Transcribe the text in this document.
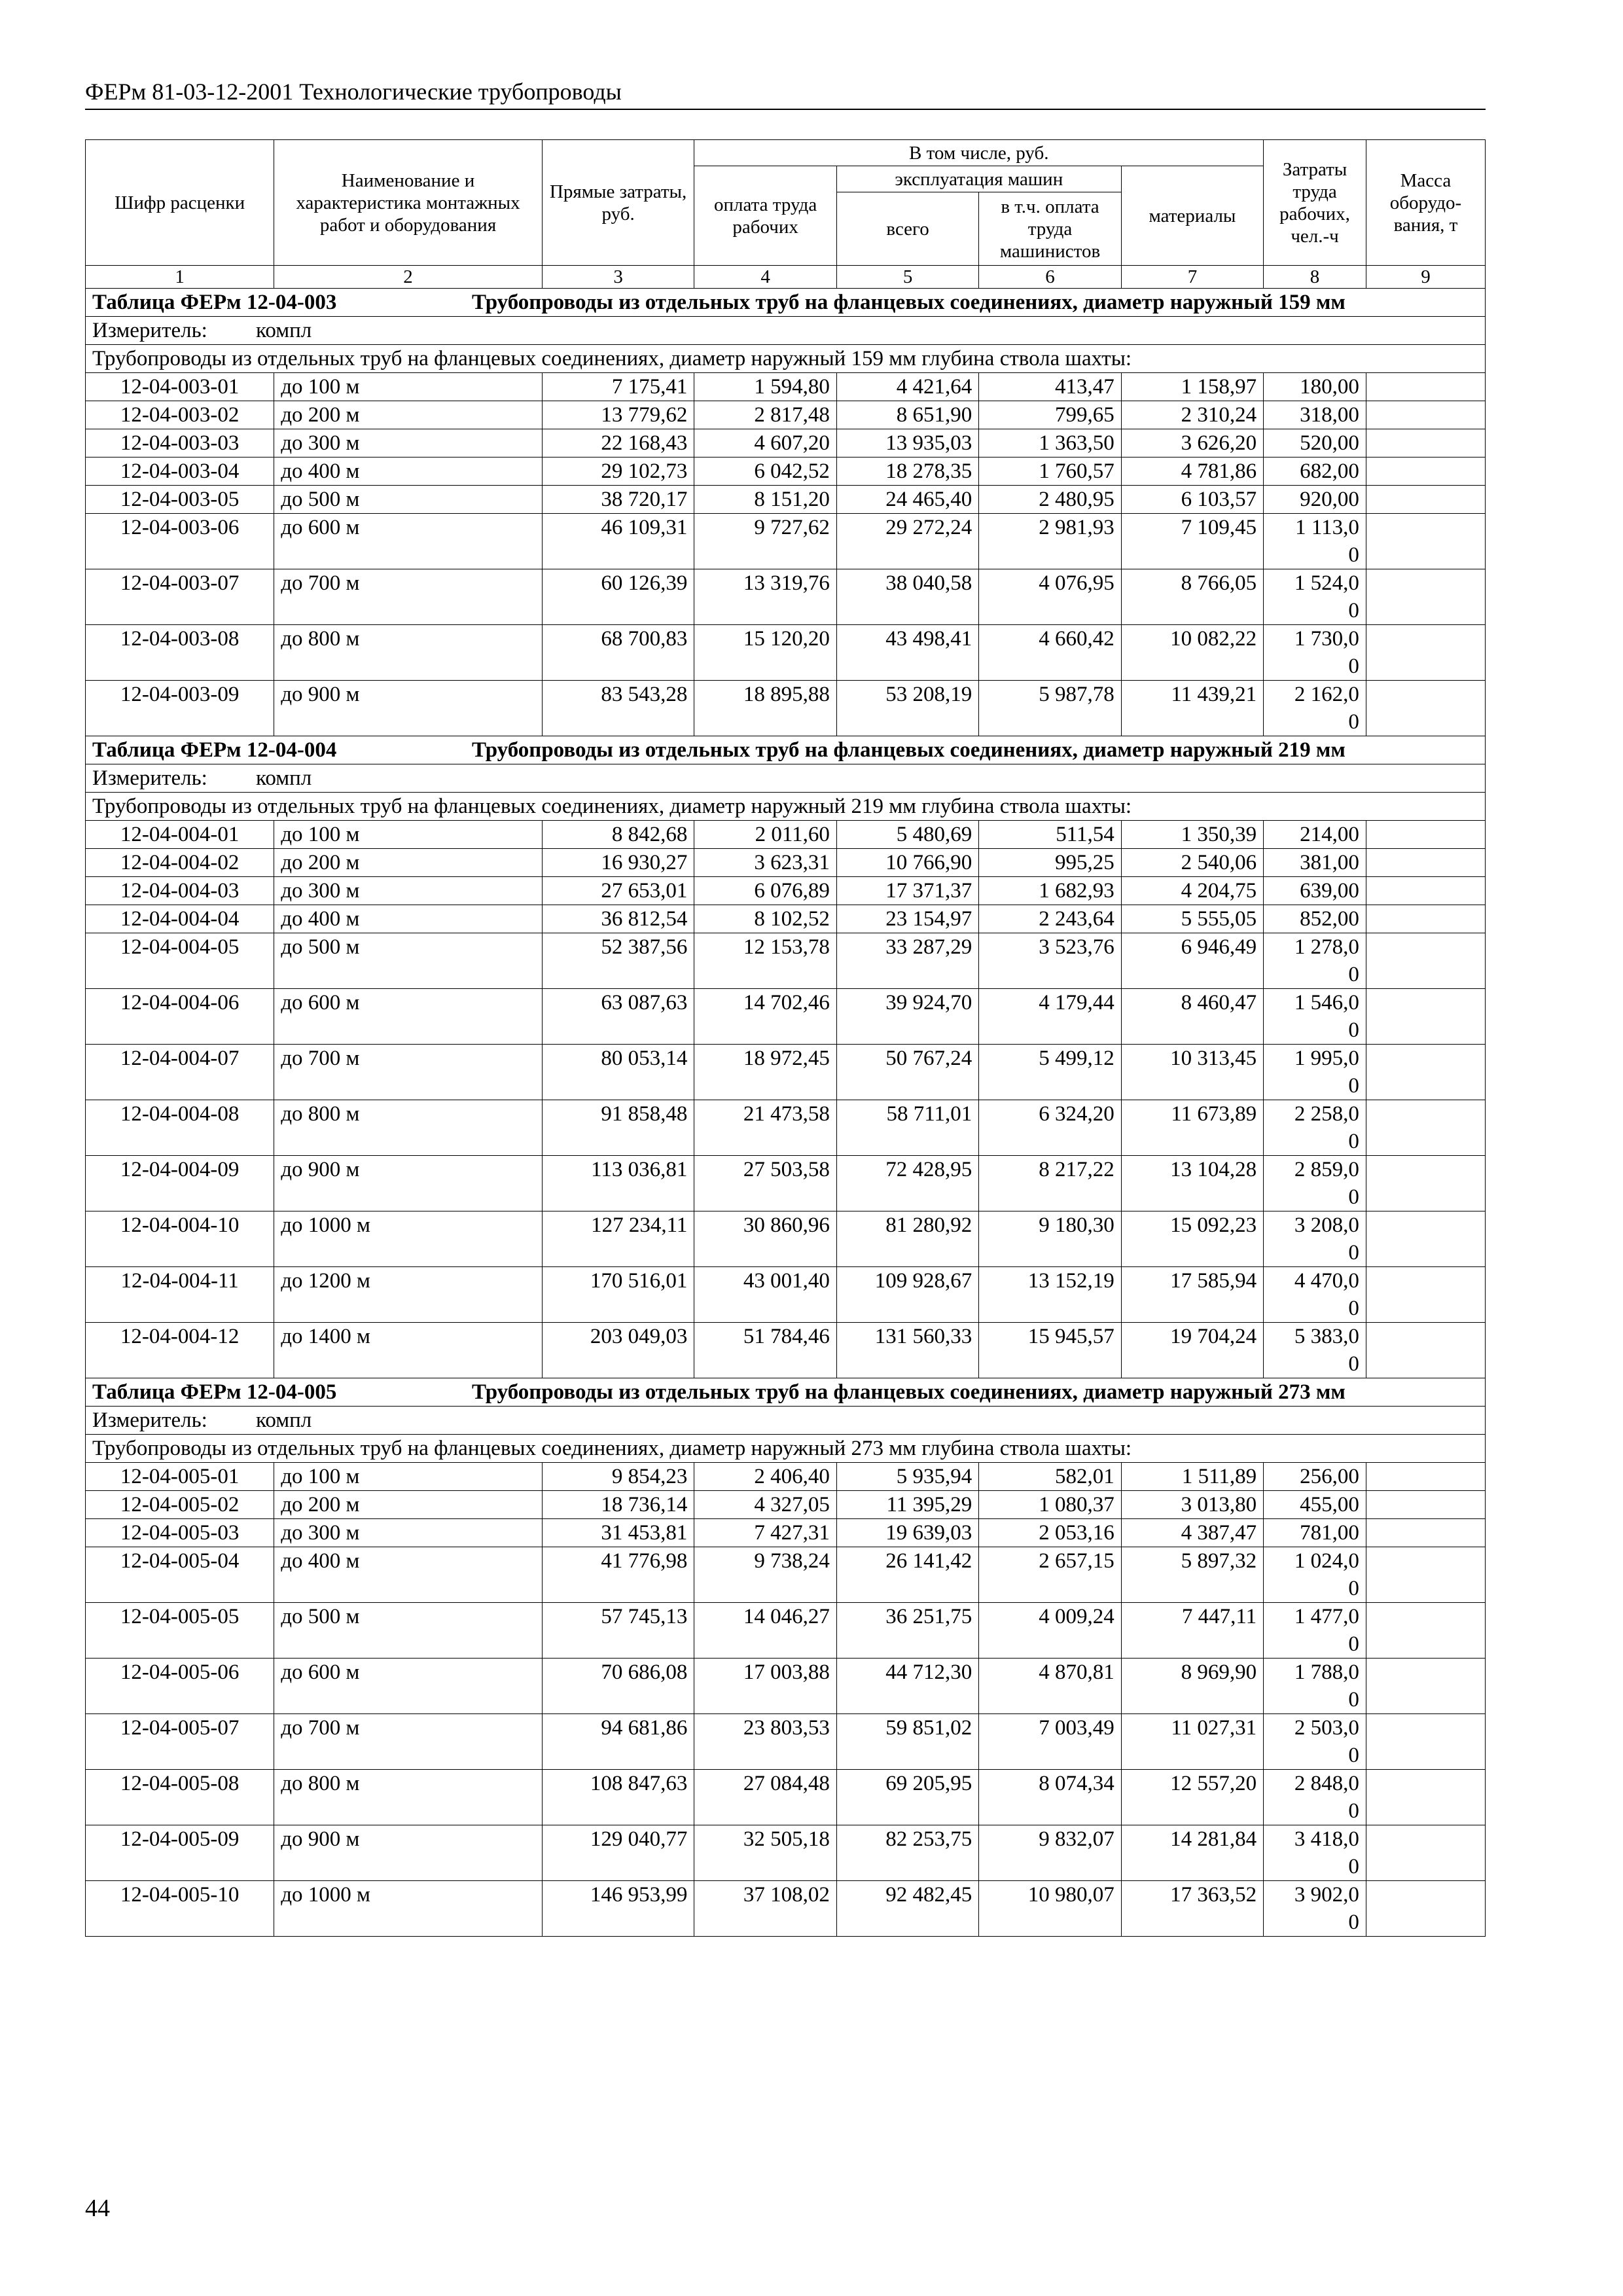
ФЕРм 81-03-12-2001 Технологические трубопроводы
Шифр расценки	Наименование и характеристика монтажных работ и оборудования	Прямые затраты, руб.	В том числе, руб.				Затраты труда рабочих, чел.-ч	Масса оборудо-вания, т
			оплата труда рабочих	эксплуатация машин		материалы		
				всего	в т.ч. оплата труда машинистов			
1	2	3	4	5	6	7	8	9
Таблица ФЕРм 12-04-003 Трубопроводы из отдельных труб на фланцевых соединениях, диаметр наружный 159 мм								
Измеритель: компл								
Трубопроводы из отдельных труб на фланцевых соединениях, диаметр наружный 159 мм глубина ствола шахты:								
12-04-003-01	до 100 м	7 175,41	1 594,80	4 421,64	413,47	1 158,97	180,00	
12-04-003-02	до 200 м	13 779,62	2 817,48	8 651,90	799,65	2 310,24	318,00	
12-04-003-03	до 300 м	22 168,43	4 607,20	13 935,03	1 363,50	3 626,20	520,00	
12-04-003-04	до 400 м	29 102,73	6 042,52	18 278,35	1 760,57	4 781,86	682,00	
12-04-003-05	до 500 м	38 720,17	8 151,20	24 465,40	2 480,95	6 103,57	920,00	
12-04-003-06	до 600 м	46 109,31	9 727,62	29 272,24	2 981,93	7 109,45	1 113,00	
12-04-003-07	до 700 м	60 126,39	13 319,76	38 040,58	4 076,95	8 766,05	1 524,00	
12-04-003-08	до 800 м	68 700,83	15 120,20	43 498,41	4 660,42	10 082,22	1 730,00	
12-04-003-09	до 900 м	83 543,28	18 895,88	53 208,19	5 987,78	11 439,21	2 162,00	
Таблица ФЕРм 12-04-004 Трубопроводы из отдельных труб на фланцевых соединениях, диаметр наружный 219 мм								
Измеритель: компл								
Трубопроводы из отдельных труб на фланцевых соединениях, диаметр наружный 219 мм глубина ствола шахты:								
12-04-004-01	до 100 м	8 842,68	2 011,60	5 480,69	511,54	1 350,39	214,00	
12-04-004-02	до 200 м	16 930,27	3 623,31	10 766,90	995,25	2 540,06	381,00	
12-04-004-03	до 300 м	27 653,01	6 076,89	17 371,37	1 682,93	4 204,75	639,00	
12-04-004-04	до 400 м	36 812,54	8 102,52	23 154,97	2 243,64	5 555,05	852,00	
12-04-004-05	до 500 м	52 387,56	12 153,78	33 287,29	3 523,76	6 946,49	1 278,00	
12-04-004-06	до 600 м	63 087,63	14 702,46	39 924,70	4 179,44	8 460,47	1 546,00	
12-04-004-07	до 700 м	80 053,14	18 972,45	50 767,24	5 499,12	10 313,45	1 995,00	
12-04-004-08	до 800 м	91 858,48	21 473,58	58 711,01	6 324,20	11 673,89	2 258,00	
12-04-004-09	до 900 м	113 036,81	27 503,58	72 428,95	8 217,22	13 104,28	2 859,00	
12-04-004-10	до 1000 м	127 234,11	30 860,96	81 280,92	9 180,30	15 092,23	3 208,00	
12-04-004-11	до 1200 м	170 516,01	43 001,40	109 928,67	13 152,19	17 585,94	4 470,00	
12-04-004-12	до 1400 м	203 049,03	51 784,46	131 560,33	15 945,57	19 704,24	5 383,00	
Таблица ФЕРм 12-04-005 Трубопроводы из отдельных труб на фланцевых соединениях, диаметр наружный 273 мм								
Измеритель: компл								
Трубопроводы из отдельных труб на фланцевых соединениях, диаметр наружный 273 мм глубина ствола шахты:								
12-04-005-01	до 100 м	9 854,23	2 406,40	5 935,94	582,01	1 511,89	256,00	
12-04-005-02	до 200 м	18 736,14	4 327,05	11 395,29	1 080,37	3 013,80	455,00	
12-04-005-03	до 300 м	31 453,81	7 427,31	19 639,03	2 053,16	4 387,47	781,00	
12-04-005-04	до 400 м	41 776,98	9 738,24	26 141,42	2 657,15	5 897,32	1 024,00	
12-04-005-05	до 500 м	57 745,13	14 046,27	36 251,75	4 009,24	7 447,11	1 477,00	
12-04-005-06	до 600 м	70 686,08	17 003,88	44 712,30	4 870,81	8 969,90	1 788,00	
12-04-005-07	до 700 м	94 681,86	23 803,53	59 851,02	7 003,49	11 027,31	2 503,00	
12-04-005-08	до 800 м	108 847,63	27 084,48	69 205,95	8 074,34	12 557,20	2 848,00	
12-04-005-09	до 900 м	129 040,77	32 505,18	82 253,75	9 832,07	14 281,84	3 418,00	
12-04-005-10	до 1000 м	146 953,99	37 108,02	92 482,45	10 980,07	17 363,52	3 902,00	
44
